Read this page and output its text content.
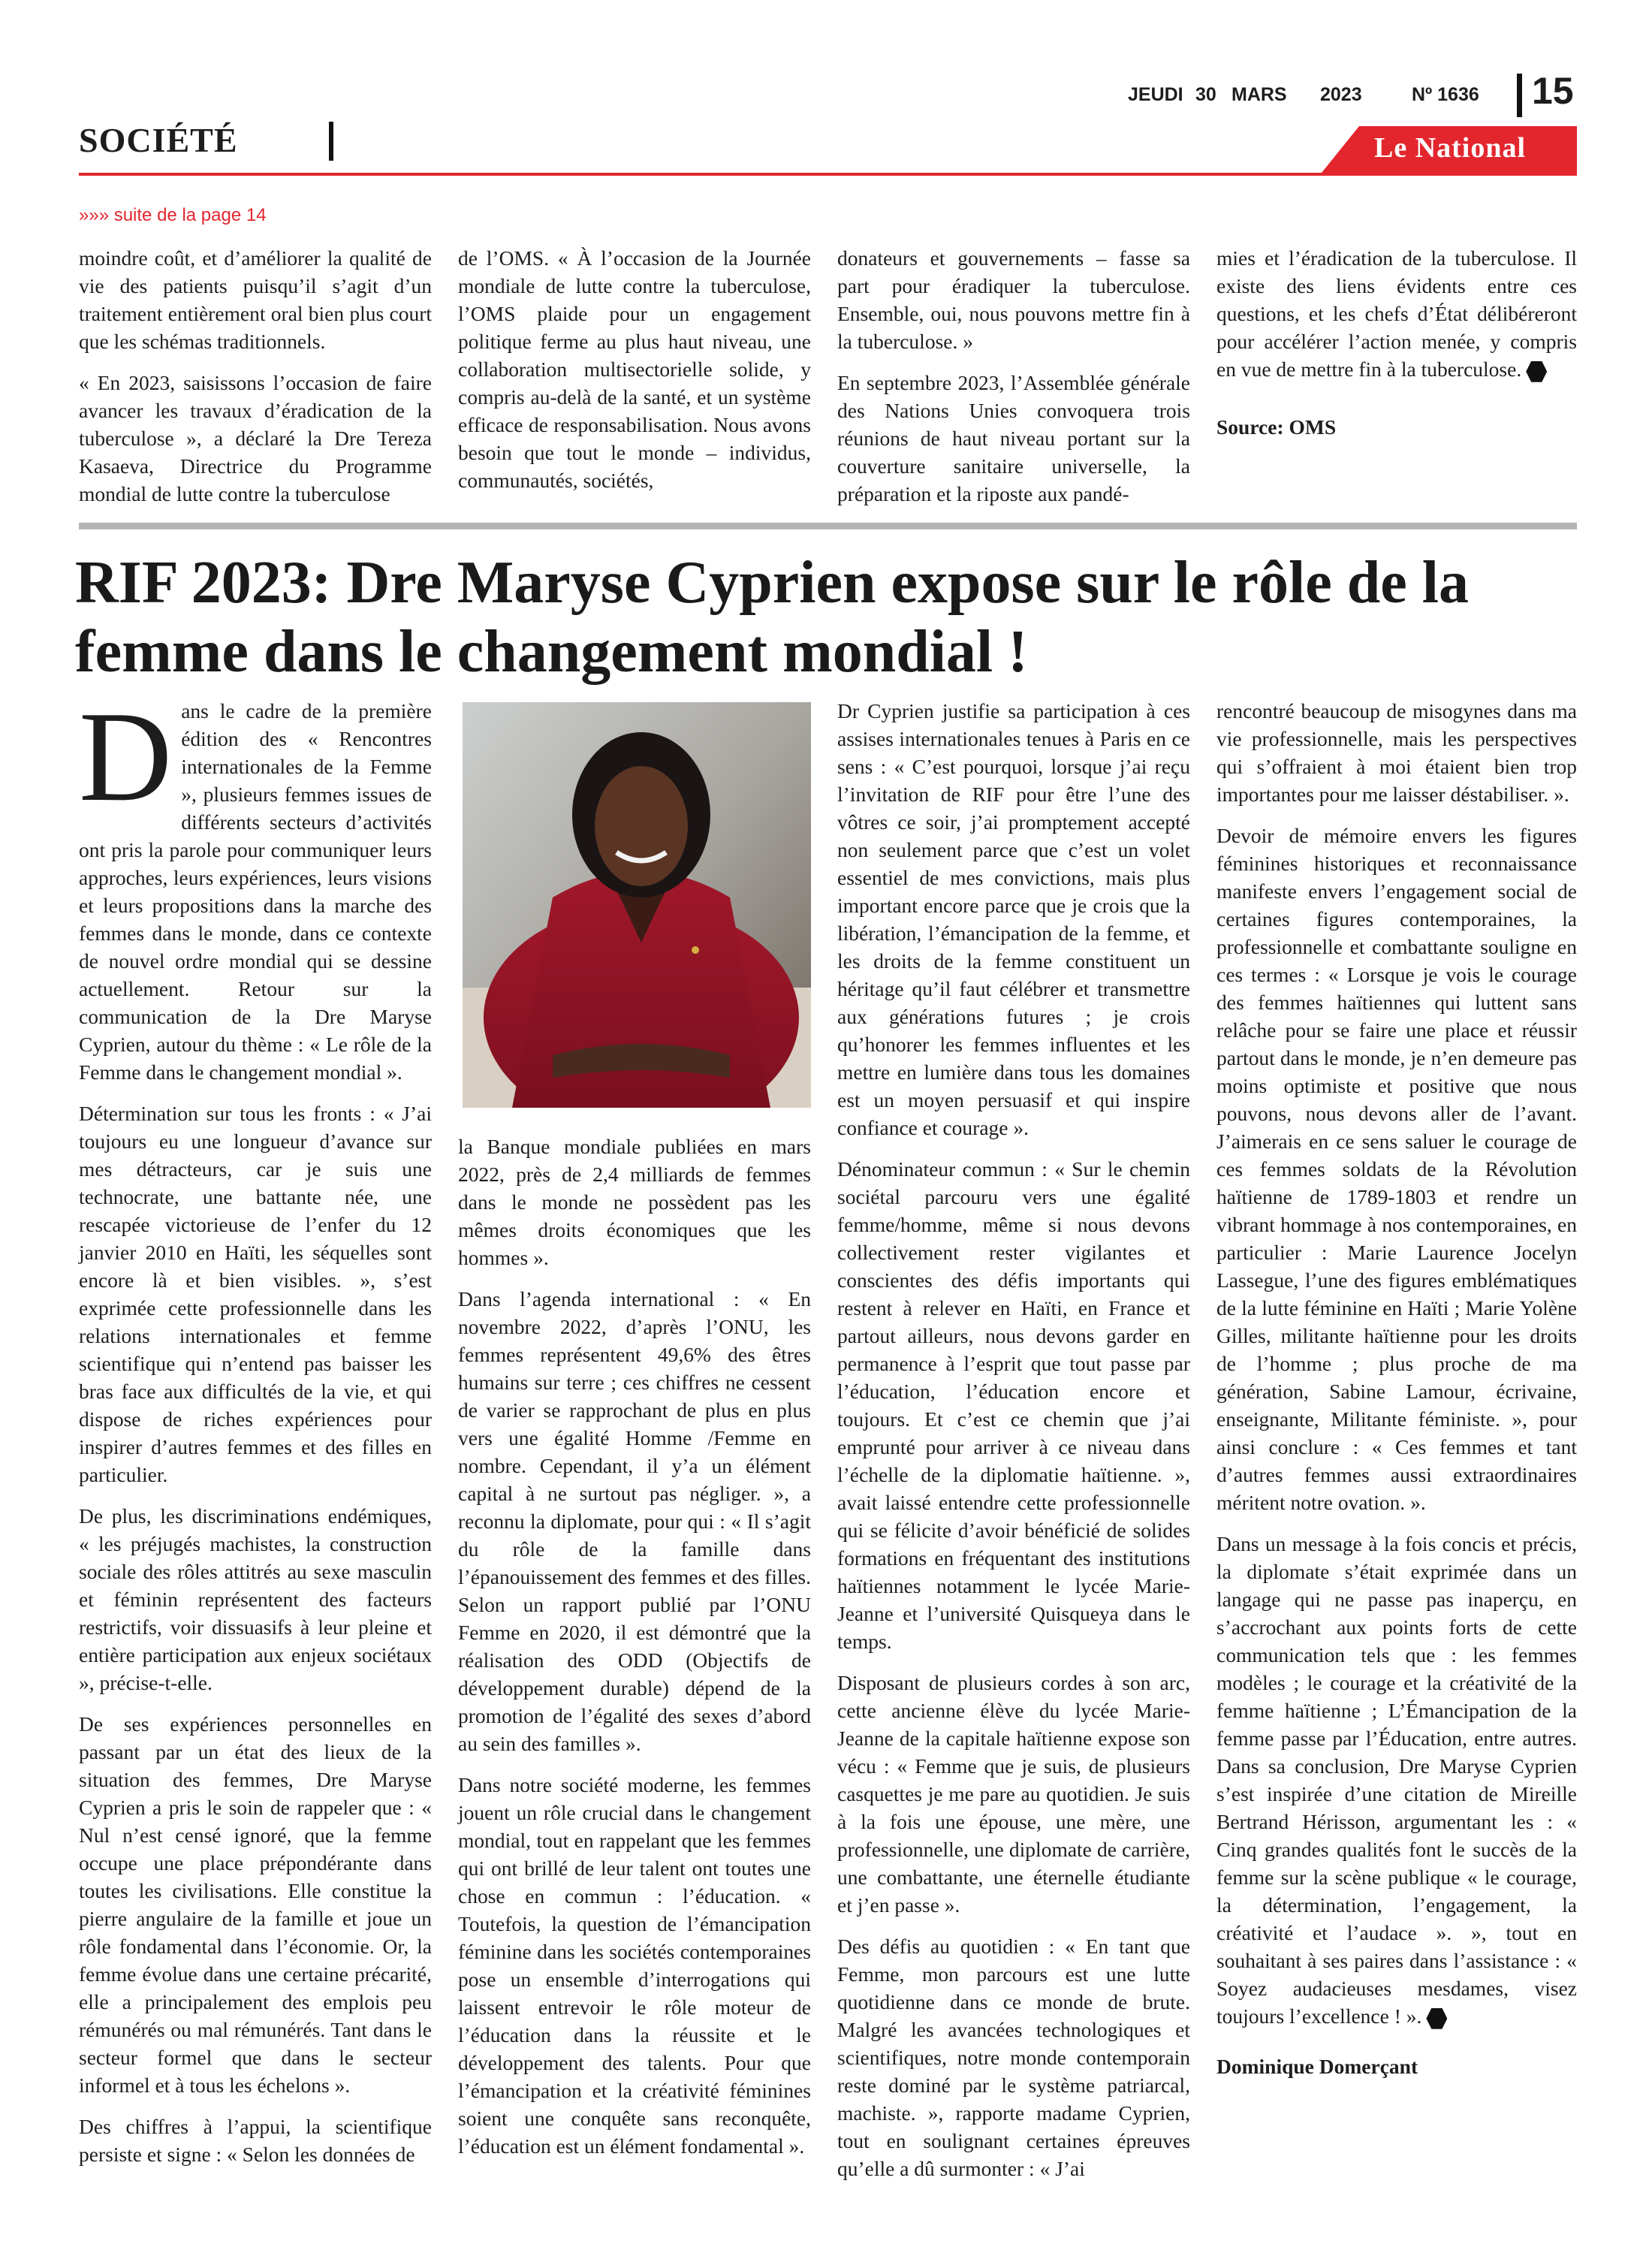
SOCIÉTÉ
JEUDI 30 MARS 2023	Nº 1636 15
Le National
»»» suite de la page 14

moindre coût, et d’améliorer la qualité de vie des patients puisqu’il s’agit d’un traitement entièrement oral bien plus court que les schémas traditionnels.

« En 2023, saisissons l’occasion de faire avancer les travaux d’éradication de la tuberculose », a déclaré la Dre Tereza Kasaeva, Directrice du Programme mondial de lutte contre la tuberculose

de l’OMS. « À l’occasion de la Journée mondiale de lutte contre la tuberculose, l’OMS plaide pour un engagement politique ferme au plus haut niveau, une collaboration multisectorielle solide, y compris au-delà de la santé, et un système efficace de responsabilisation. Nous avons besoin que tout le monde – individus, communautés, sociétés,

donateurs et gouvernements – fasse sa part pour éradiquer la tuberculose. Ensemble, oui, nous pouvons mettre fin à la tuberculose. »

En septembre 2023, l’Assemblée générale des Nations Unies convoquera trois réunions de haut niveau portant sur la couverture sanitaire universelle, la préparation et la riposte aux pandé-

mies et l’éradication de la tuberculose. Il existe des liens évidents entre ces questions, et les chefs d’État délibéreront pour accélérer l’action menée, y compris en vue de mettre fin à la tuberculose.

Source: OMS

RIF 2023: Dre Maryse Cyprien expose sur le rôle de la femme dans le changement mondial !

Dans le cadre de la première édition des « Rencontres internationales de la Femme », plusieurs femmes issues de différents secteurs d’activités ont pris la parole pour communiquer leurs approches, leurs expériences, leurs visions et leurs propositions dans la marche des femmes dans le monde, dans ce contexte de nouvel ordre mondial qui se dessine actuellement. Retour sur la communication de la Dre Maryse Cyprien, autour du thème : « Le rôle de la Femme dans le changement mondial ».

Détermination sur tous les fronts : « J’ai toujours eu une longueur d’avance sur mes détracteurs, car je suis une technocrate, une battante née, une rescapée victorieuse de l’enfer du 12 janvier 2010 en Haïti, les séquelles sont encore là et bien visibles. », s’est exprimée cette professionnelle dans les relations internationales et femme scientifique qui n’entend pas baisser les bras face aux difficultés de la vie, et qui dispose de riches expériences pour inspirer d’autres femmes et des filles en particulier.

De plus, les discriminations endémiques, « les préjugés machistes, la construction sociale des rôles attitrés au sexe masculin et féminin représentent des facteurs restrictifs, voir dissuasifs à leur pleine et entière participation aux enjeux sociétaux », précise-t-elle.

De ses expériences personnelles en passant par un état des lieux de la situation des femmes, Dre Maryse Cyprien a pris le soin de rappeler que : « Nul n’est censé ignoré, que la femme occupe une place prépondérante dans toutes les civilisations. Elle constitue la pierre angulaire de la famille et joue un rôle fondamental dans l’économie. Or, la femme évolue dans une certaine précarité, elle a principalement des emplois peu rémunérés ou mal rémunérés. Tant dans le secteur formel que dans le secteur informel et à tous les échelons ».

Des chiffres à l’appui, la scientifique persiste et signe : « Selon les données de

la Banque mondiale publiées en mars 2022, près de 2,4 milliards de femmes dans le monde ne possèdent pas les mêmes droits économiques que les hommes ».

Dans l’agenda international : « En novembre 2022, d’après l’ONU, les femmes représentent 49,6% des êtres humains sur terre ; ces chiffres ne cessent de varier se rapprochant de plus en plus vers une égalité Homme /Femme en nombre. Cependant, il y’a un élément capital à ne surtout pas négliger. », a reconnu la diplomate, pour qui : « Il s’agit du rôle de la famille dans l’épanouissement des femmes et des filles. Selon un rapport publié par l’ONU Femme en 2020, il est démontré que la réalisation des ODD (Objectifs de développement durable) dépend de la promotion de l’égalité des sexes d’abord au sein des familles ».

Dans notre société moderne, les femmes jouent un rôle crucial dans le changement mondial, tout en rappelant que les femmes qui ont brillé de leur talent ont toutes une chose en commun : l’éducation. « Toutefois, la question de l’émancipation féminine dans les sociétés contemporaines pose un ensemble d’interrogations qui laissent entrevoir le rôle moteur de l’éducation dans la réussite et le développement des talents. Pour que l’émancipation et la créativité féminines soient une conquête sans reconquête, l’éducation est un élément fondamental ».

Dr Cyprien justifie sa participation à ces assises internationales tenues à Paris en ce sens : « C’est pourquoi, lorsque j’ai reçu l’invitation de RIF pour être l’une des vôtres ce soir, j’ai promptement accepté non seulement parce que c’est un volet essentiel de mes convictions, mais plus important encore parce que je crois que la libération, l’émancipation de la femme, et les droits de la femme constituent un héritage qu’il faut célébrer et transmettre aux générations futures ; je crois qu’honorer les femmes influentes et les mettre en lumière dans tous les domaines est un moyen persuasif et qui inspire confiance et courage ».

Dénominateur commun : « Sur le chemin sociétal parcouru vers une égalité femme/homme, même si nous devons collectivement rester vigilantes et conscientes des défis importants qui restent à relever en Haïti, en France et partout ailleurs, nous devons garder en permanence à l’esprit que tout passe par l’éducation, l’éducation encore et toujours. Et c’est ce chemin que j’ai emprunté pour arriver à ce niveau dans l’échelle de la diplomatie haïtienne. », avait laissé entendre cette professionnelle qui se félicite d’avoir bénéficié de solides formations en fréquentant des institutions haïtiennes notamment le lycée Marie-Jeanne et l’université Quisqueya dans le temps.

Disposant de plusieurs cordes à son arc, cette ancienne élève du lycée Marie-Jeanne de la capitale haïtienne expose son vécu : « Femme que je suis, de plusieurs casquettes je me pare au quotidien. Je suis à la fois une épouse, une mère, une professionnelle, une diplomate de carrière, une combattante, une éternelle étudiante et j’en passe ».

Des défis au quotidien : « En tant que Femme, mon parcours est une lutte quotidienne dans ce monde de brute. Malgré les avancées technologiques et scientifiques, notre monde contemporain reste dominé par le système patriarcal, machiste. », rapporte madame Cyprien, tout en soulignant certaines épreuves qu’elle a dû surmonter : « J’ai

rencontré beaucoup de misogynes dans ma vie professionnelle, mais les perspectives qui s’offraient à moi étaient bien trop importantes pour me laisser déstabiliser. ».

Devoir de mémoire envers les figures féminines historiques et reconnaissance manifeste envers l’engagement social de certaines figures contemporaines, la professionnelle et combattante souligne en ces termes : « Lorsque je vois le courage des femmes haïtiennes qui luttent sans relâche pour se faire une place et réussir partout dans le monde, je n’en demeure pas moins optimiste et positive que nous pouvons, nous devons aller de l’avant. J’aimerais en ce sens saluer le courage de ces femmes soldats de la Révolution haïtienne de 1789-1803 et rendre un vibrant hommage à nos contemporaines, en particulier : Marie Laurence Jocelyn Lassegue, l’une des figures emblématiques de la lutte féminine en Haïti ; Marie Yolène Gilles, militante haïtienne pour les droits de l’homme ; plus proche de ma génération, Sabine Lamour, écrivaine, enseignante, Militante féministe. », pour ainsi conclure : « Ces femmes et tant d’autres femmes aussi extraordinaires méritent notre ovation. ».

Dans un message à la fois concis et précis, la diplomate s’était exprimée dans un langage qui ne passe pas inaperçu, en s’accrochant aux points forts de cette communication tels que : les femmes modèles ; le courage et la créativité de la femme haïtienne ; L’Émancipation de la femme passe par l’Éducation, entre autres. Dans sa conclusion, Dre Maryse Cyprien s’est inspirée d’une citation de Mireille Bertrand Hérisson, argumentant les : « Cinq grandes qualités font le succès de la femme sur la scène publique « le courage, la détermination, l’engagement, la créativité et l’audace ». », tout en souhaitant à ses paires dans l’assistance : « Soyez audacieuses mesdames, visez toujours l’excellence ! ».

Dominique Domerçant
